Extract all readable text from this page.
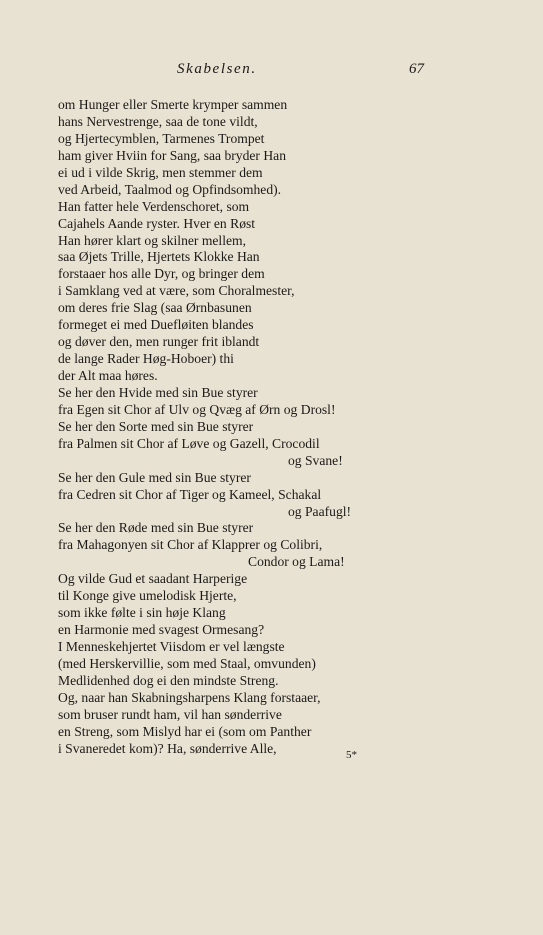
Skabelsen.	67
om Hunger eller Smerte krymper sammen
hans Nervestrenge, saa de tone vildt,
og Hjertecymblen, Tarmenes Trompet
ham giver Hviin for Sang, saa bryder Han
ei ud i vilde Skrig, men stemmer dem
ved Arbeid, Taalmod og Opfindsomhed).
Han fatter hele Verdenschoret, som
Cajahels Aande ryster. Hver en Røst
Han hører klart og skilner mellem,
saa Øjets Trille, Hjertets Klokke Han
forstaaer hos alle Dyr, og bringer dem
i Samklang ved at være, som Choralmester,
om deres frie Slag (saa Ørnbasunen
formeget ei med Duefløiten blandes
og døver den, men runger frit iblandt
de lange Rader Høg-Hoboer) thi
der Alt maa høres.
Se her den Hvide med sin Bue styrer
fra Egen sit Chor af Ulv og Qvæg af Ørn og Drosl!
Se her den Sorte med sin Bue styrer
fra Palmen sit Chor af Løve og Gazell, Crocodil
og Svane!
Se her den Gule med sin Bue styrer
fra Cedren sit Chor af Tiger og Kameel, Schakal
og Paafugl!
Se her den Røde med sin Bue styrer
fra Mahagonyen sit Chor af Klapprer og Colibri,
Condor og Lama!
Og vilde Gud et saadant Harperige
til Konge give umelodisk Hjerte,
som ikke følte i sin høje Klang
en Harmonie med svagest Ormesang?
I Menneskehjertet Viisdom er vel længste
(med Herskervillie, som med Staal, omvunden)
Medlidenhed dog ei den mindste Streng.
Og, naar han Skabningsharpens Klang forstaaer,
som bruser rundt ham, vil han sønderrive
en Streng, som Mislyd har ei (som om Panther
i Svaneredet kom)? Ha, sønderrive Alle,	5*
